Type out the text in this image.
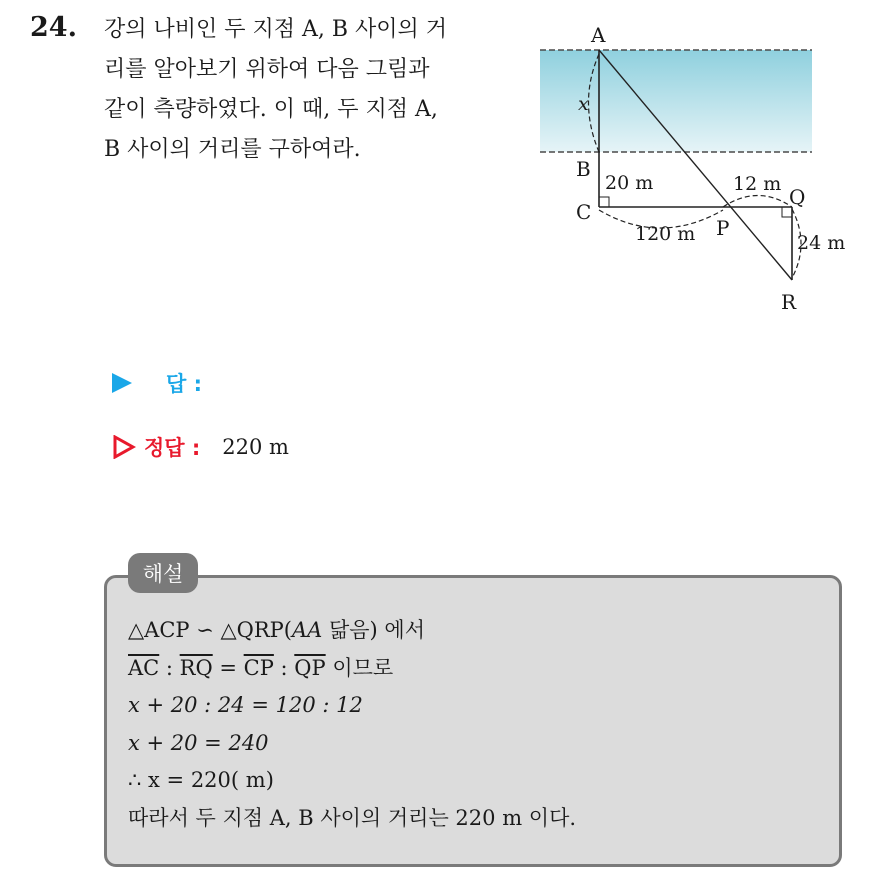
24. 강의 나비인 두 지점 A, B 사이의 거
리를 알아보기 위하여 다음 그림과
같이 측량하였다. 이 때, 두 지점 A,
B 사이의 거리를 구하여라.
A
x
B
20 m
C
120 m P
12 m
Q
24 m
R
답 :
정답 : 220 m
해설
△ACP ∽ △QRP(AA 닮음) 에서
$\overline{AC}$ : $\overline{RQ} = \overline{CP}$ : $\overline{QP}$ 이므로
x + 20 : 24 = 120 : 12
x + 20 = 240
∴ x = 220( m)
따라서 두 지점 A, B 사이의 거리는 220 m 이다.
